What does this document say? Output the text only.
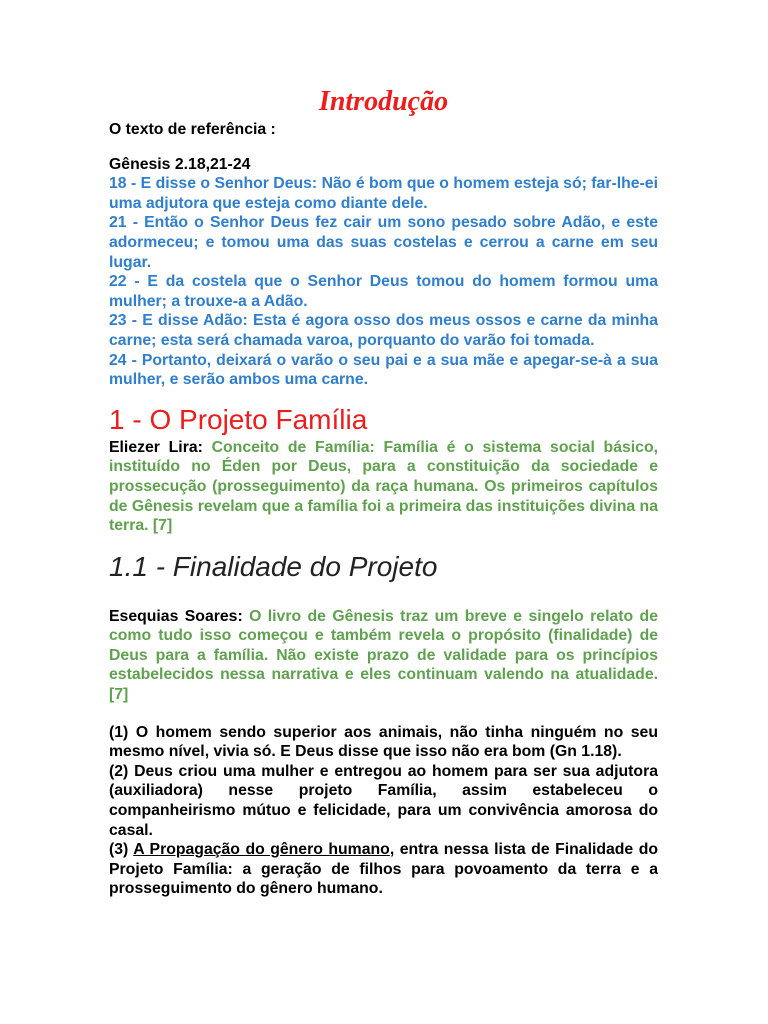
Introdução
O texto de referência :
Gênesis 2.18,21-24
18 - E disse o Senhor Deus: Não é bom que o homem esteja só; far-lhe-ei uma adjutora que esteja como diante dele.
21 - Então o Senhor Deus fez cair um sono pesado sobre Adão, e este adormeceu; e tomou uma das suas costelas e cerrou a carne em seu lugar.
22 - E da costela que o Senhor Deus tomou do homem formou uma mulher; a trouxe-a a Adão.
23 - E disse Adão: Esta é agora osso dos meus ossos e carne da minha carne; esta será chamada varoa, porquanto do varão foi tomada.
24 - Portanto, deixará o varão o seu pai e a sua mãe e apegar-se-à a sua mulher, e serão ambos uma carne.
1 - O Projeto Família
Eliezer Lira: Conceito de Família: Família é o sistema social básico, instituído no Éden por Deus, para a constituição da sociedade e prossecução (prosseguimento) da raça humana. Os primeiros capítulos de Gênesis revelam que a família foi a primeira das instituições divina na terra. [7]
1.1 - Finalidade do Projeto
Esequias Soares: O livro de Gênesis traz um breve e singelo relato de como tudo isso começou e também revela o propósito (finalidade) de Deus para a família. Não existe prazo de validade para os princípios estabelecidos nessa narrativa e eles continuam valendo na atualidade. [7]
(1) O homem sendo superior aos animais, não tinha ninguém no seu mesmo nível, vivia só. E Deus disse que isso não era bom (Gn 1.18).
(2) Deus criou uma mulher e entregou ao homem para ser sua adjutora (auxiliadora) nesse projeto Família, assim estabeleceu o companheirismo mútuo e felicidade, para um convivência amorosa do casal.
(3) A Propagação do gênero humano, entra nessa lista de Finalidade do Projeto Família: a geração de filhos para povoamento da terra e a prosseguimento do gênero humano.
